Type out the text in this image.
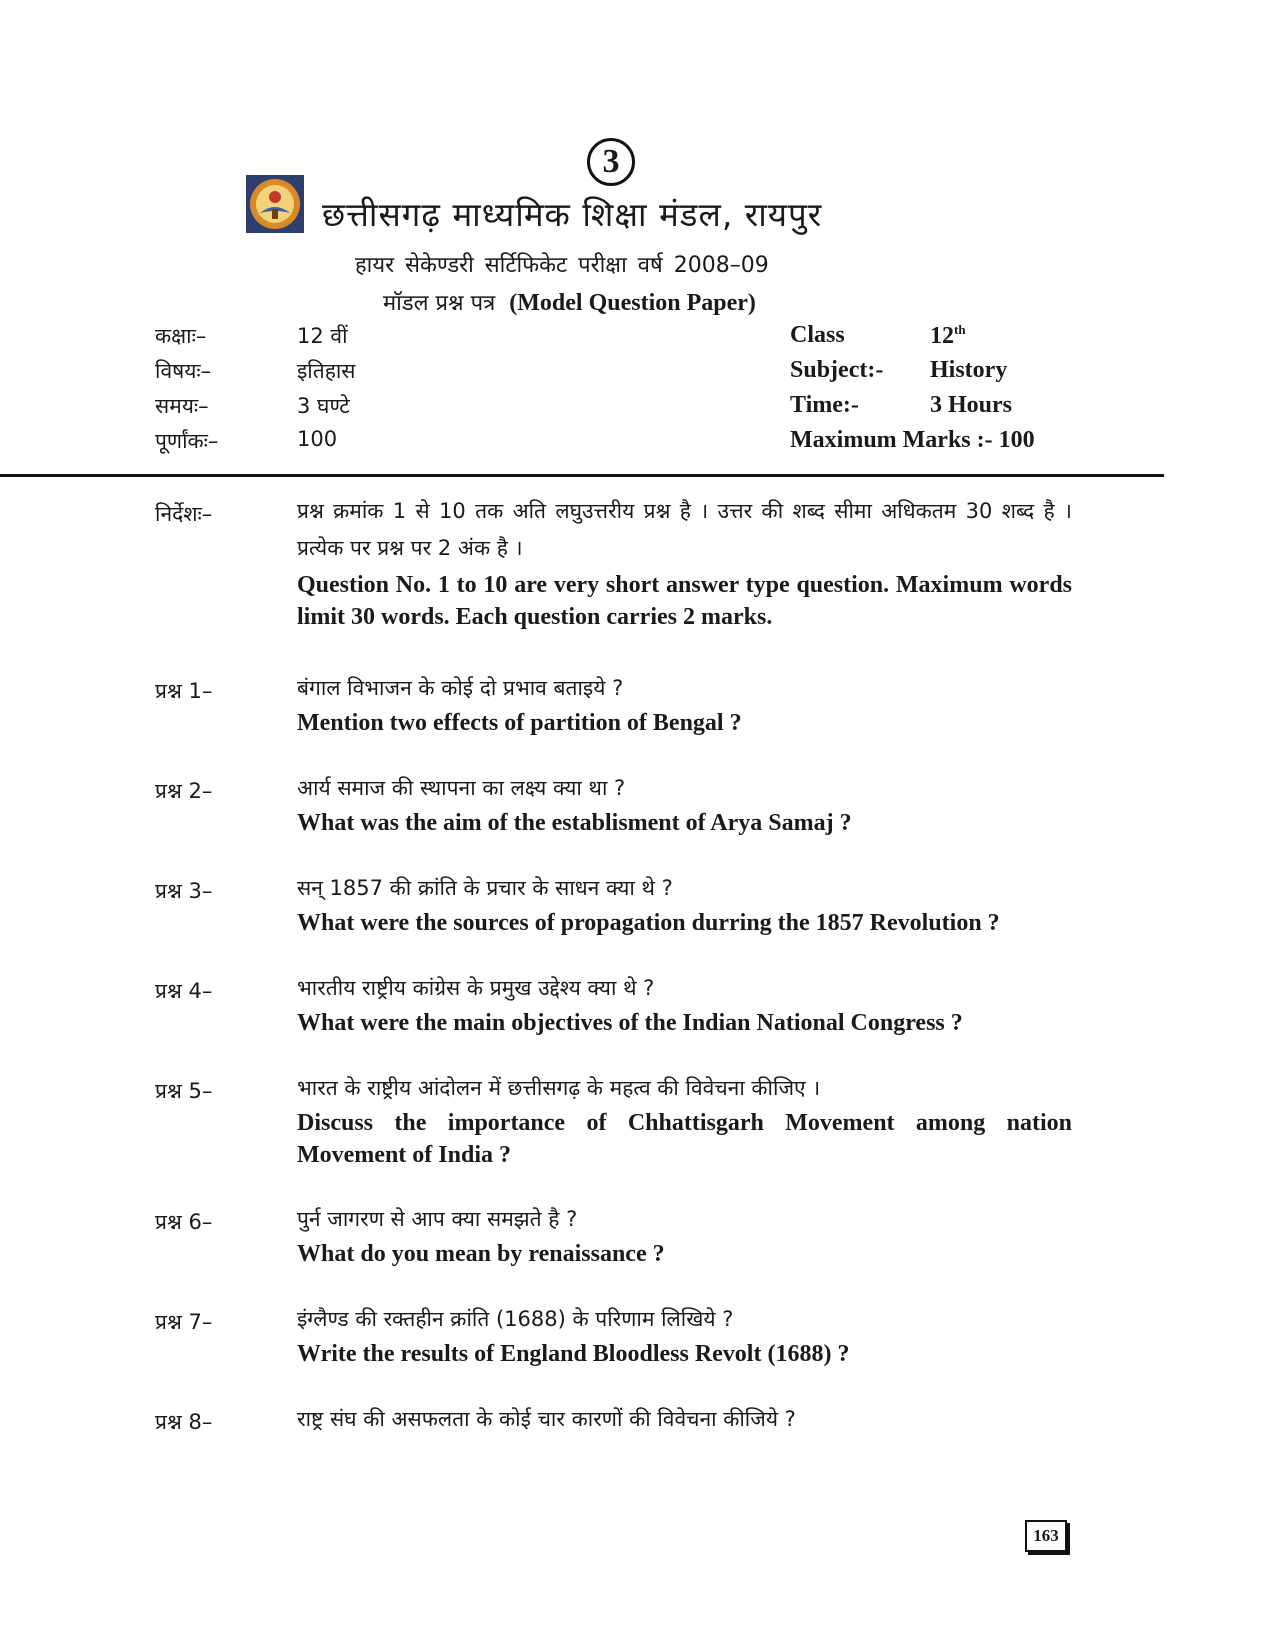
3
छत्तीसगढ़ माध्यमिक शिक्षा मंडल, रायपुर
हायर सेकेण्डरी सर्टिफिकेट परीक्षा वर्ष 2008–09
मॉडल प्रश्न पत्र (Model Question Paper)
कक्षाः–	12 वीं	Class	12th
विषयः–	इतिहास	Subject:- History
समयः–	3 घण्टे	Time:-	3 Hours
पूर्णांकः–	100	Maximum Marks :- 100
निर्देशः–	प्रश्न क्रमांक 1 से 10 तक अति लघुउत्तरीय प्रश्न है । उत्तर की शब्द सीमा अधिकतम 30 शब्द है । प्रत्येक पर प्रश्न पर 2 अंक है ।
Question No. 1 to 10 are very short answer type question. Maximum words limit 30 words. Each question carries 2 marks.
प्रश्न 1–	बंगाल विभाजन के कोई दो प्रभाव बताइये ?
Mention two effects of partition of Bengal ?
प्रश्न 2–	आर्य समाज की स्थापना का लक्ष्य क्या था ?
What was the aim of the establisment of Arya Samaj ?
प्रश्न 3–	सन् 1857 की क्रांति के प्रचार के साधन क्या थे ?
What were the sources of propagation durring the 1857 Revolution ?
प्रश्न 4–	भारतीय राष्ट्रीय कांग्रेस के प्रमुख उद्देश्य क्या थे ?
What were the main objectives of the Indian National Congress ?
प्रश्न 5–	भारत के राष्ट्रीय आंदोलन में छत्तीसगढ़ के महत्व की विवेचना कीजिए ।
Discuss the importance of Chhattisgarh Movement among nation Movement of India ?
प्रश्न 6–	पुर्न जागरण से आप क्या समझते है ?
What do you mean by renaissance ?
प्रश्न 7–	इंग्लैण्ड की रक्तहीन क्रांति (1688) के परिणाम लिखिये ?
Write the results of England Bloodless Revolt (1688) ?
प्रश्न 8–	राष्ट्र संघ की असफलता के कोई चार कारणों की विवेचना कीजिये ?
163
